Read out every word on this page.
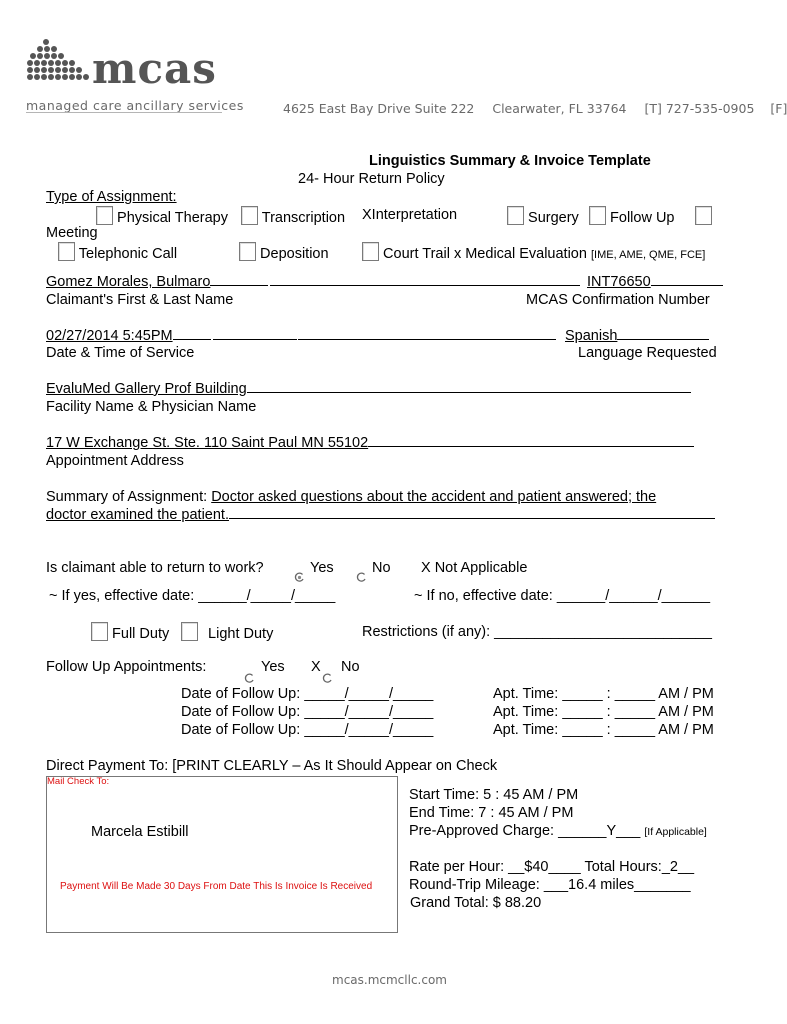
mcas
managed care ancillary services	4625 East Bay Drive Suite 222 Clearwater, FL 33764 [T] 727-535-0905 [F]
Linguistics Summary & Invoice Template
24- Hour Return Policy
Type of Assignment:
Physical Therapy	Transcription XInterpretation	Surgery	Follow Up
Meeting
Telephonic Call	Deposition	Court Trail x Medical Evaluation [IME, AME, QME, FCE]
Gomez Morales, Bulmaro	INT76650
Claimant's First & Last Name	MCAS Confirmation Number
02/27/2014 5:45PM	Spanish
Date & Time of Service	Language Requested
EvaluMed Gallery Prof Building
Facility Name & Physician Name
17 W Exchange St. Ste. 110 Saint Paul MN 55102
Appointment Address
Summary of Assignment: Doctor asked questions about the accident and patient answered; the
doctor examined the patient.
Is claimant able to return to work?	Yes	No X Not Applicable
~ If yes, effective date: ______/_____/_____	~ If no, effective date: ______/______/______
Full Duty	Light Duty	Restrictions (if any): ___________________________
Follow Up Appointments:	Yes X No
Date of Follow Up: _____/_____/_____	Apt. Time: _____ : _____ AM / PM
Date of Follow Up: _____/_____/_____	Apt. Time: _____ : _____ AM / PM
Date of Follow Up: _____/_____/_____	Apt. Time: _____ : _____ AM / PM
Direct Payment To: [PRINT CLEARLY – As It Should Appear on Check
Mail Check To:
Marcela Estibill
Payment Will Be Made 30 Days From Date This Is Invoice Is Received
Start Time: 5 : 45 AM / PM
End Time: 7 : 45 AM / PM
Pre-Approved Charge: ______Y___ [If Applicable]
Rate per Hour: __$40____ Total Hours:_2__
Round-Trip Mileage: ___16.4 miles_______
Grand Total: $ 88.20
mcas.mcmcllc.com
